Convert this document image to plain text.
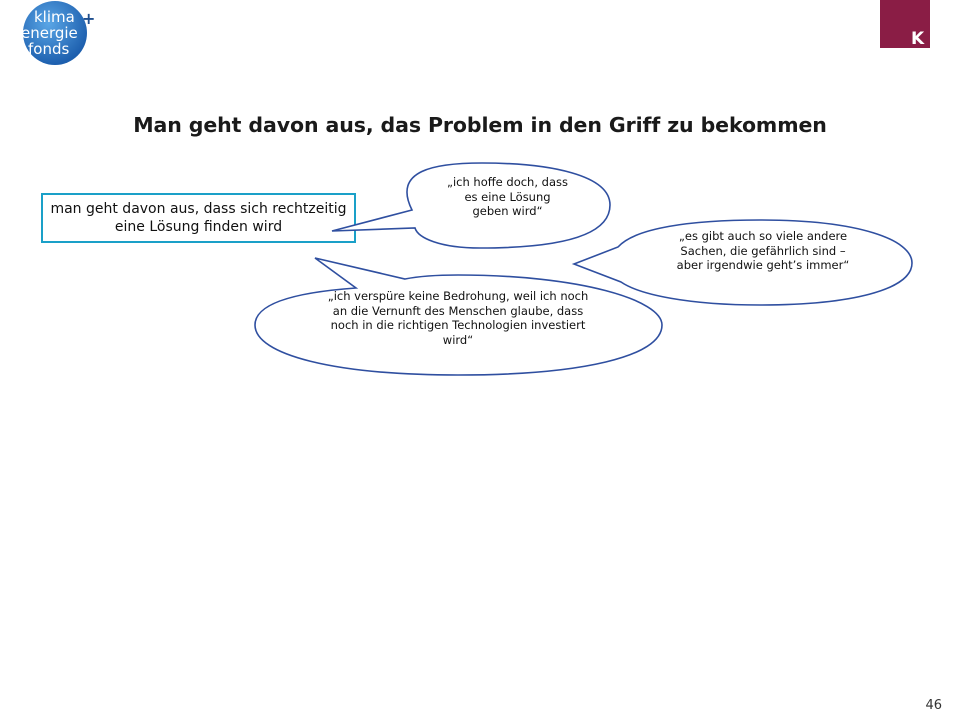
klima
energie
fonds
+
K
Man geht davon aus, das Problem in den Griff zu bekommen
man geht davon aus, dass sich rechtzeitig eine Lösung finden wird
„ich hoffe doch, dass es eine Lösung geben wird“
„es gibt auch so viele andere Sachen, die gefährlich sind – aber irgendwie geht’s immer“
„ich verspüre keine Bedrohung, weil ich noch an die Vernunft des Menschen glaube, dass noch in die richtigen Technologien investiert wird“
46
